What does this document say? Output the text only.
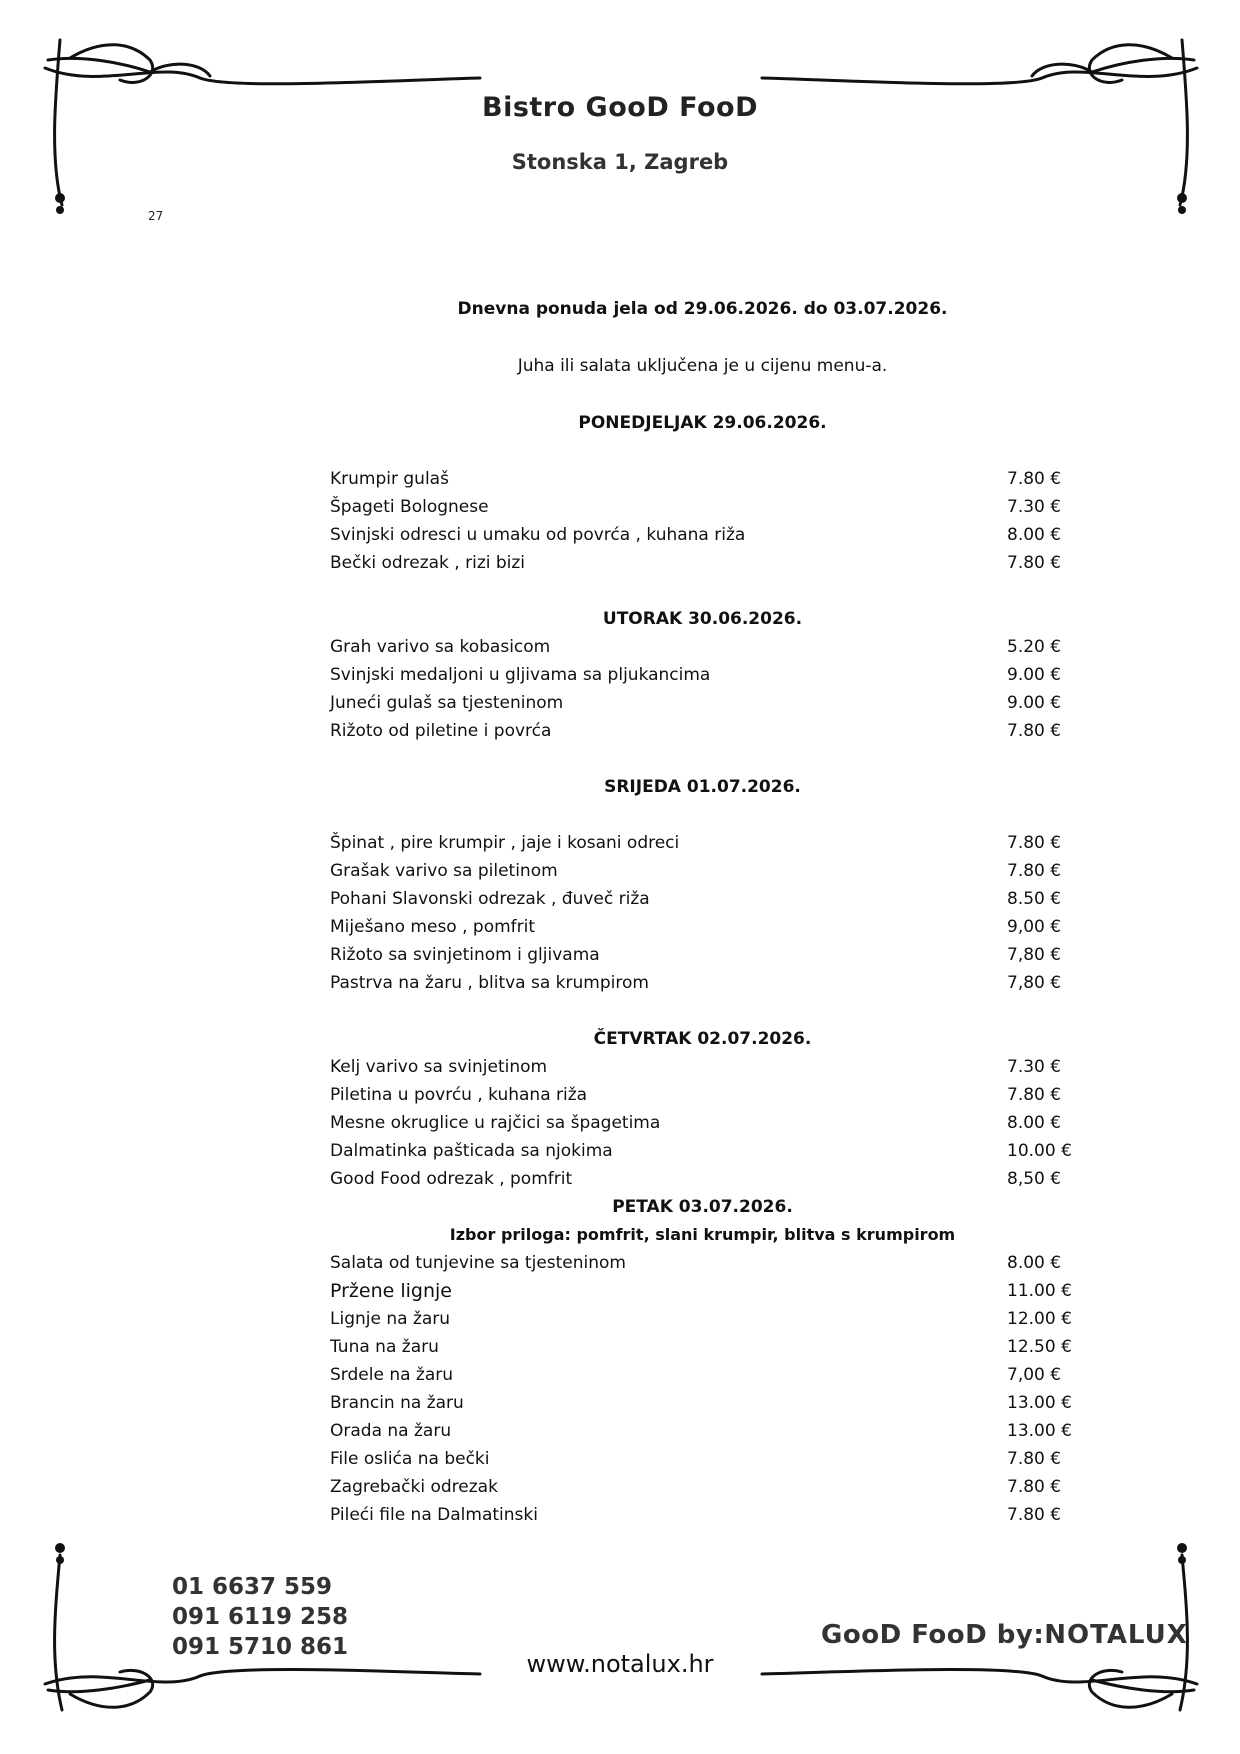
Bistro GooD FooD
Stonska 1, Zagreb
27
Dnevna ponuda jela od 29.06.2026. do 03.07.2026.
Juha ili salata uključena je u cijenu menu-a.
PONEDJELJAK 29.06.2026.
Krumpir gulaš	7.80 €
Špageti Bolognese	7.30 €
Svinjski odresci u umaku od povrća , kuhana riža	8.00 €
Bečki odrezak , rizi bizi	7.80 €
UTORAK 30.06.2026.
Grah varivo sa kobasicom	5.20 €
Svinjski medaljoni u gljivama sa pljukancima	9.00 €
Juneći gulaš sa tjesteninom	9.00 €
Rižoto od piletine i povrća	7.80 €
SRIJEDA 01.07.2026.
Špinat , pire krumpir , jaje i kosani odreci	7.80 €
Grašak varivo sa piletinom	7.80 €
Pohani Slavonski odrezak , đuveč riža	8.50 €
Miješano meso , pomfrit	9,00 €
Rižoto sa svinjetinom i gljivama	7,80 €
Pastrva na žaru , blitva sa krumpirom	7,80 €
ČETVRTAK 02.07.2026.
Kelj varivo sa svinjetinom	7.30 €
Piletina u povrću , kuhana riža	7.80 €
Mesne okruglice u rajčici sa špagetima	8.00 €
Dalmatinka pašticada sa njokima	10.00 €
Good Food odrezak , pomfrit	8,50 €
PETAK 03.07.2026.
Izbor priloga: pomfrit, slani krumpir, blitva s krumpirom
Salata od tunjevine sa tjesteninom	8.00 €
Pržene lignje	11.00 €
Lignje na žaru	12.00 €
Tuna na žaru	12.50 €
Srdele na žaru	7,00 €
Brancin na žaru	13.00 €
Orada na žaru	13.00 €
File oslića na bečki	7.80 €
Zagrebački odrezak	7.80 €
Pileći file na Dalmatinski	7.80 €
01 6637 559
091 6119 258
091 5710 861
www.notalux.hr
GooD FooD by:NOTALUX
